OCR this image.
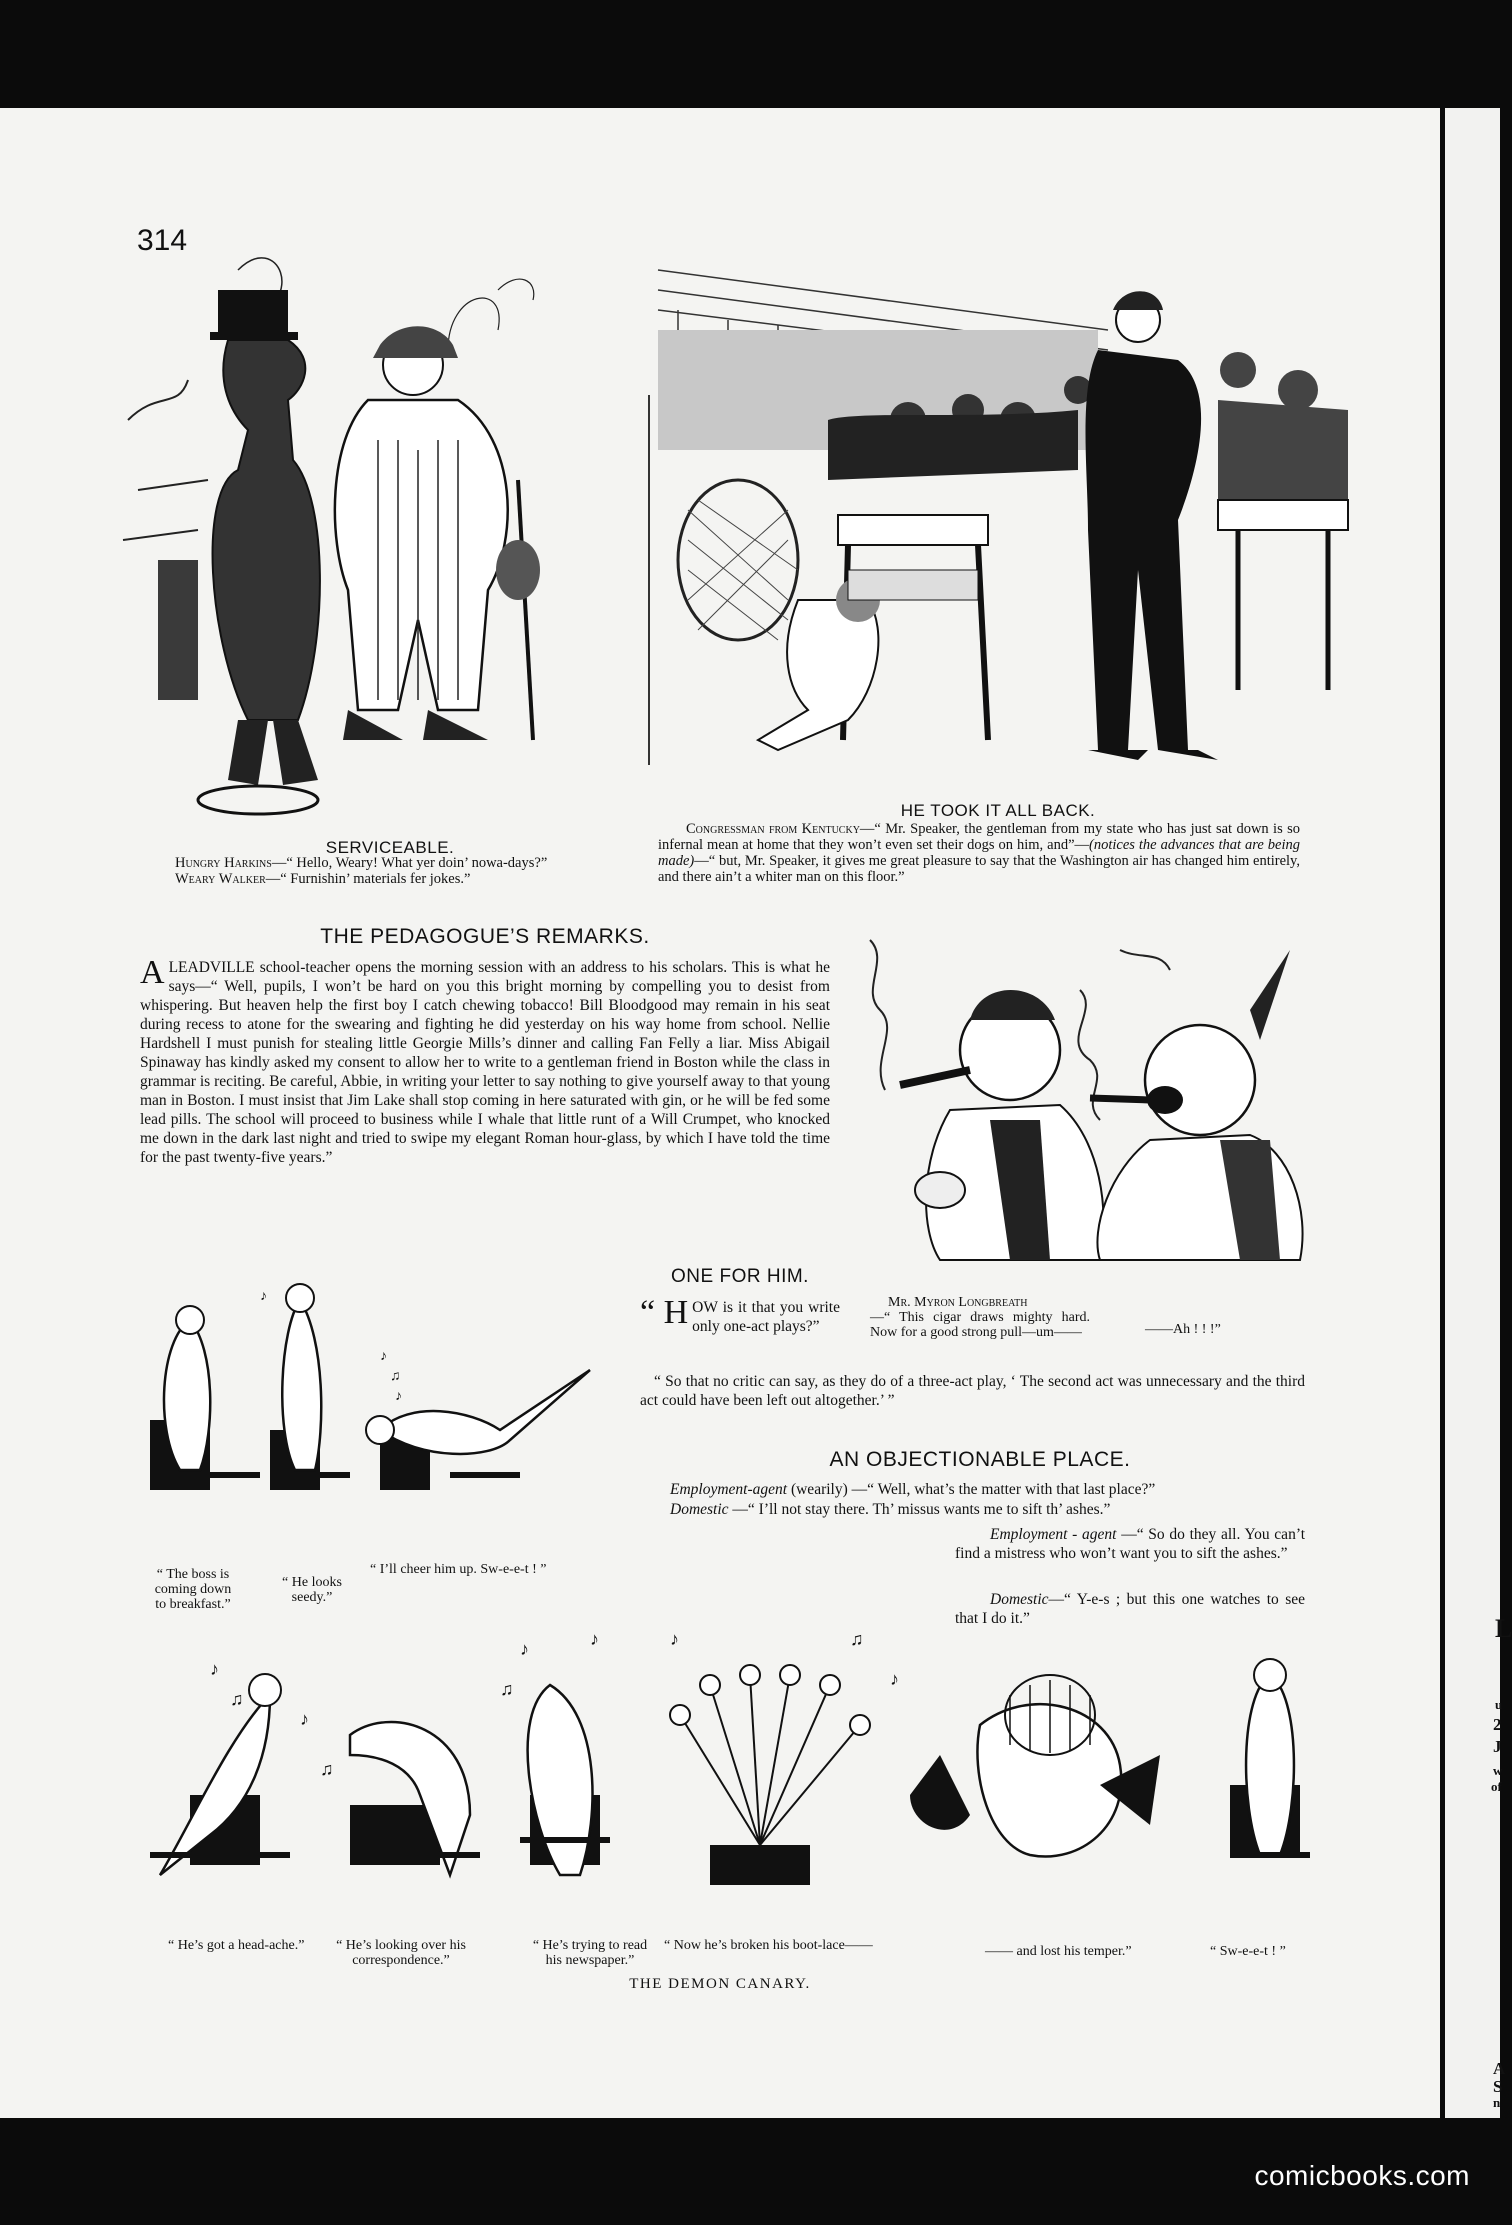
L
u
2
J
w
of
A
S
n
314
SERVICEABLE.

Hungry Harkins—“ Hello, Weary! What yer doin’ nowa-days?”

Weary Walker—“ Furnishin’ materials fer jokes.”

HE TOOK IT ALL BACK.

Congressman from Kentucky—“ Mr. Speaker, the gentleman from my state who has just sat down is so infernal mean at home that they won’t even set their dogs on him, and”—(notices the advances that are being made)—“ but, Mr. Speaker, it gives me great pleasure to say that the Washington air has changed him entirely, and there ain’t a whiter man on this floor.”

THE PEDAGOGUE’S REMARKS.
ALEADVILLE school-teacher opens the morning session with an address to his scholars. This is what he says—“ Well, pupils, I won’t be hard on you this bright morning by compelling you to desist from whispering. But heaven help the first boy I catch chewing tobacco! Bill Bloodgood may remain in his seat during recess to atone for the swearing and fighting he did yesterday on his way home from school. Nellie Hardshell I must punish for stealing little Georgie Mills’s dinner and calling Fan Felly a liar. Miss Abigail Spinaway has kindly asked my consent to allow her to write to a gentleman friend in Boston while the class in grammar is reciting. Be careful, Abbie, in writing your letter to say nothing to give yourself away to that young man in Boston. I must insist that Jim Lake shall stop coming in here saturated with gin, or he will be fed some lead pills. The school will proceed to business while I whale that little runt of a Will Crumpet, who knocked me down in the dark last night and tried to swipe my elegant Roman hour-glass, by which I have told the time for the past twenty-five years.”

Mr. Myron Longbreath

—“ This cigar draws mighty hard. Now for a good strong pull—um——	——Ah ! ! !”
ONE FOR HIM.
“ H OW is it that you write only one-act plays?”
“ So that no critic can say, as they do of a three-act play, ‘ The second act was unnecessary and the third act could have been left out altogether.’ ”
♪
♫
♪
♪
“ The boss is coming down to breakfast.”
“ He looks seedy.”
“ I’ll cheer him up. Sw-e-e-t ! ”
AN OBJECTIONABLE PLACE.
Employment-agent (wearily) —“ Well, what’s the matter with that last place?”
Domestic —“ I’ll not stay there. Th’ missus wants me to sift th’ ashes.”
Employment - agent —“ So do they all. You can’t find a mistress who won’t want you to sift the ashes.”
Domestic—“ Y-e-s ; but this one watches to see that I do it.”
♪
♫
♪
♫
♪
♫
♪	♪	♫
♪
“ He’s got a head-ache.”	“ He’s looking over his correspondence.”
“ He’s trying to read his newspaper.”
“ Now he’s broken his boot-lace——	—— and lost his temper.”	“ Sw-e-e-t ! ”
THE DEMON CANARY.
comicbooks.com
